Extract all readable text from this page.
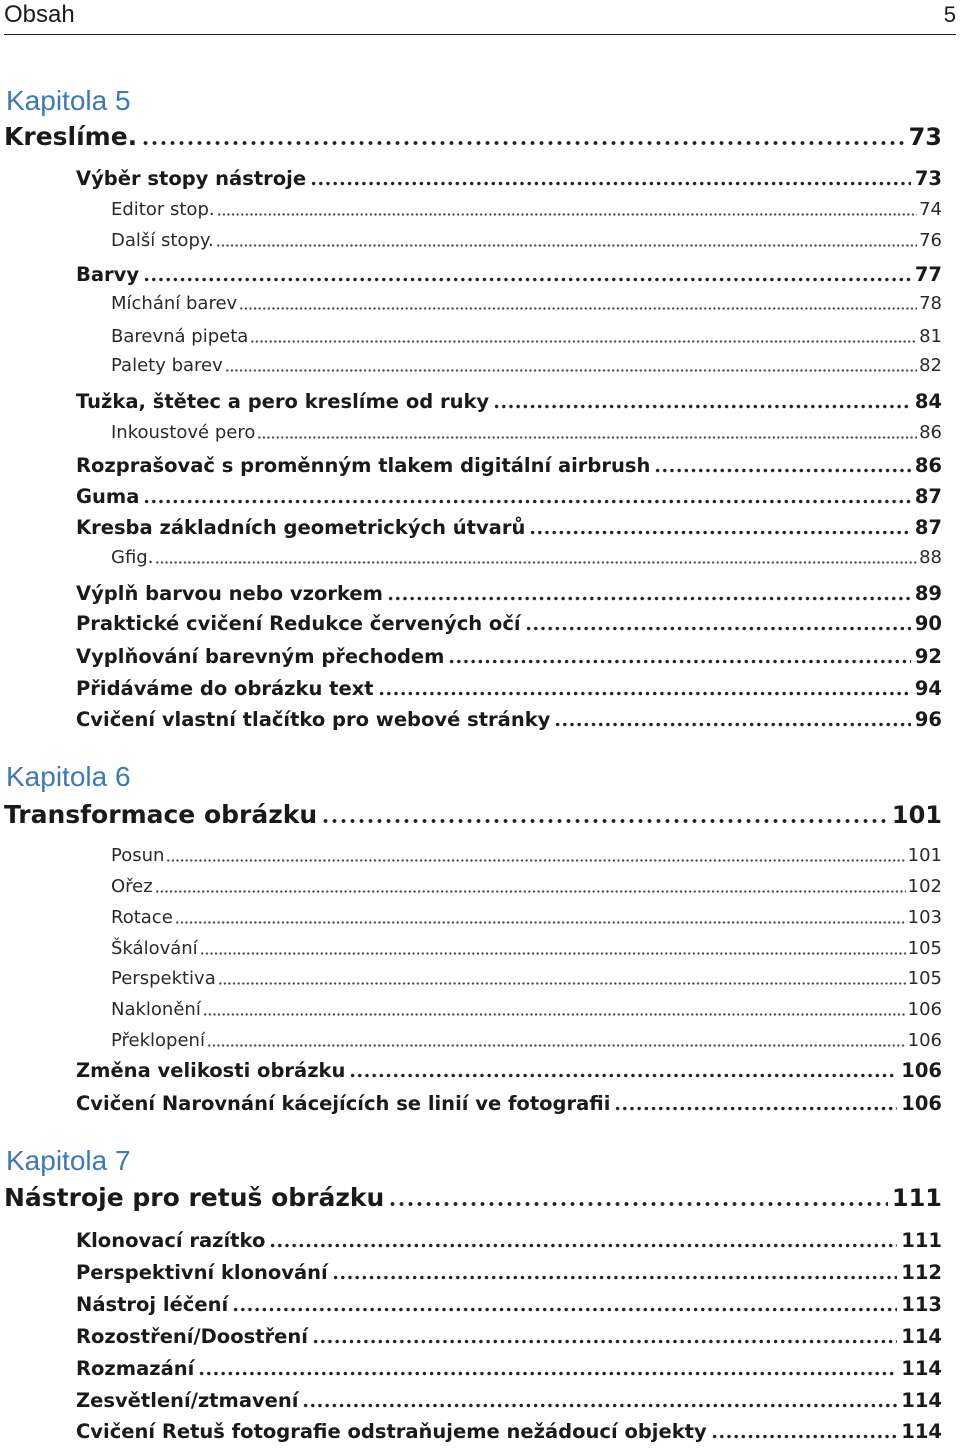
Obsah	5
Kapitola 5
Kreslíme.	73
Výběr stopy nástroje	73
Editor stop.	74
Další stopy.	76
Barvy	77
Míchání barev	78
Barevná pipeta	81
Palety barev	82
Tužka, štětec a pero kreslíme od ruky	84
Inkoustové pero	86
Rozprašovač s proměnným tlakem digitální airbrush	86
Guma	87
Kresba základních geometrických útvarů	87
Gfig.	88
Výplň barvou nebo vzorkem	89
Praktické cvičení Redukce červených očí	90
Vyplňování barevným přechodem	92
Přidáváme do obrázku text	94
Cvičení vlastní tlačítko pro webové stránky	96
Kapitola 6
Transformace obrázku	101
Posun	101
Ořez	102
Rotace	103
Škálování	105
Perspektiva	105
Naklonění	106
Překlopení	106
Změna velikosti obrázku	106
Cvičení Narovnání kácejících se linií ve fotografii	106
Kapitola 7
Nástroje pro retuš obrázku	111
Klonovací razítko	111
Perspektivní klonování	112
Nástroj léčení	113
Rozostření/Doostření	114
Rozmazání	114
Zesvětlení/ztmavení	114
Cvičení Retuš fotografie odstraňujeme nežádoucí objekty	114
